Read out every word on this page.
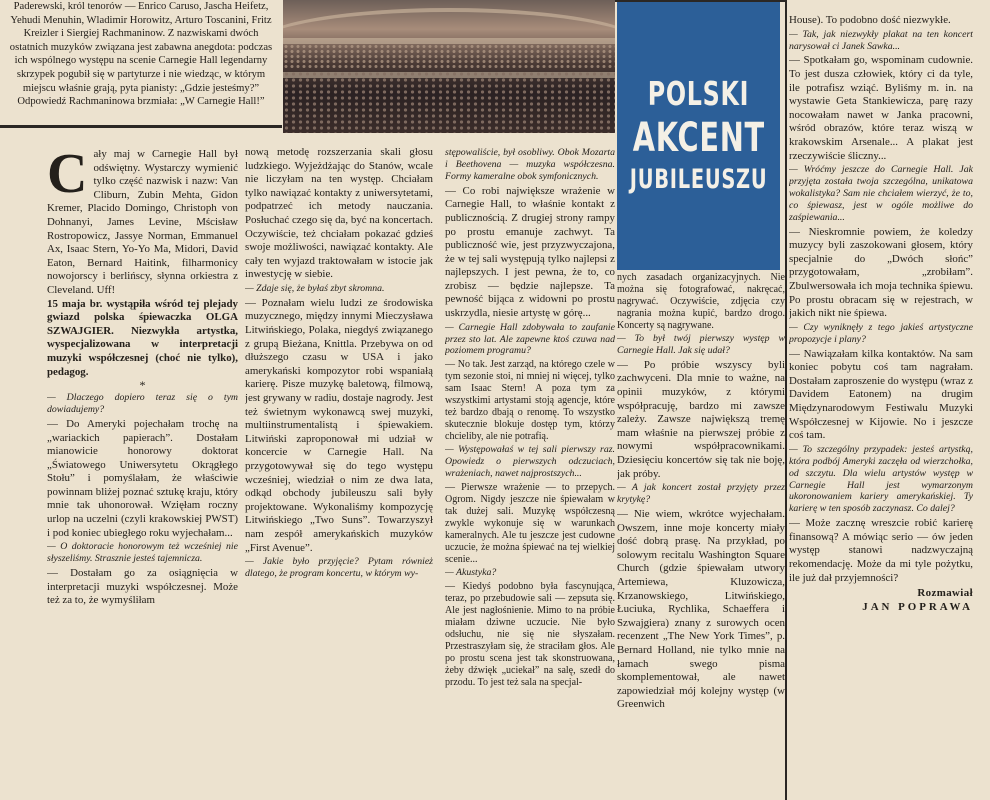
Paderewski, król tenorów — Enrico Caruso, Jascha Heifetz, Yehudi Menuhin, Wladimir Horowitz, Arturo Toscanini, Fritz Kreizler i Siergiej Rachmaninow. Z nazwiskami dwóch ostatnich muzyków związana jest zabawna anegdota: podczas ich wspólnego występu na scenie Carnegie Hall legendarny skrzypek pogubił się w partyturze i nie wiedząc, w którym miejscu właśnie grają, pyta pianisty: „Gdzie jesteśmy?” Odpowiedź Rachmaninowa brzmiała: „W Carnegie Hall!”	POLSKI
AKCENT
JUBILEUSZU
C ały maj w Carnegie Hall był odświętny. Wystarczy wymienić tylko część nazwisk i nazw: Van Cliburn, Zubin Mehta, Gidon Kremer, Placido Domingo, Christoph von Dohnanyi, James Levine, Mścisław Rostropowicz, Jassye Norman, Emmanuel Ax, Isaac Stern, Yo-Yo Ma, Midori, David Eaton, Bernard Haitink, filharmonicy nowojorscy i berlińscy, słynna orkiestra z Cleveland. Uff!

15 maja br. wystąpiła wśród tej plejady gwiazd polska śpiewaczka OLGA SZWAJGIER. Niezwykła artystka, wyspecjalizowana w interpretacji muzyki współczesnej (choć nie tylko), pedagog.

*

— Dlaczego dopiero teraz się o tym dowiadujemy?

— Do Ameryki pojechałam trochę na „wariackich papierach”. Dostałam mianowicie honorowy doktorat „Światowego Uniwersytetu Okrągłego Stołu” i pomyślałam, że właściwie powinnam bliżej poznać sztukę kraju, który mnie tak uhonorował. Wzięłam roczny urlop na uczelni (czyli krakowskiej PWST) i pod koniec ubiegłego roku wyjechałam...

— O doktoracie honorowym też wcześniej nie słyszeliśmy. Strasznie jesteś tajemnicza.

— Dostałam go za osiągnięcia w interpretacji muzyki współczesnej. Może też za to, że wymyśliłam

nową metodę rozszerzania skali głosu ludzkiego. Wyjeżdżając do Stanów, wcale nie liczyłam na ten występ. Chciałam tylko nawiązać kontakty z uniwersytetami, podpatrzeć ich metody nauczania. Posłuchać czego się da, być na koncertach. Oczywiście, też chciałam pokazać gdzieś swoje możliwości, nawiązać kontakty. Ale cały ten wyjazd traktowałam w istocie jak inwestycję w siebie.

— Zdaje się, że byłaś zbyt skromna.

— Poznałam wielu ludzi ze środowiska muzycznego, między innymi Mieczysława Litwińskiego, Polaka, niegdyś związanego z grupą Bieżana, Knittla. Przebywa on od dłuższego czasu w USA i jako amerykański kompozytor robi wspaniałą karierę. Pisze muzykę baletową, filmową, jest grywany w radiu, dostaje nagrody. Jest też świetnym wykonawcą swej muzyki, multiinstrumentalistą i śpiewakiem. Litwiński zaproponował mi udział w koncercie w Carnegie Hall. Na przygotowywał się do tego występu wcześniej, wiedział o nim ze dwa lata, odkąd obchody jubileuszu sali były projektowane. Wykonaliśmy kompozycję Litwińskiego „Two Suns”. Towarzyszył nam zespół amerykańskich muzyków „First Avenue”.

— Jakie było przyjęcie? Pytam również dlatego, że program koncertu, w którym wy-

stępowaliście, był osobliwy. Obok Mozarta i Beethovena — muzyka współczesna. Formy kameralne obok symfonicznych.

— Co robi największe wrażenie w Carnegie Hall, to właśnie kontakt z publicznością. Z drugiej strony rampy po prostu emanuje zachwyt. Ta publiczność wie, jest przyzwyczajona, że w tej sali występują tylko najlepsi z najlepszych. I jest pewna, że to, co zrobisz — będzie najlepsze. Ta pewność bijąca z widowni po prostu uskrzydla, niesie artystę w górę...

— Carnegie Hall zdobywała to zaufanie przez sto lat. Ale zapewne ktoś czuwa nad poziomem programu?

— No tak. Jest zarząd, na którego czele w tym sezonie stoi, ni mniej ni więcej, tylko sam Isaac Stern! A poza tym za wszystkimi artystami stoją agencje, które też bardzo dbają o renomę. To wszystko skutecznie blokuje dostęp tym, którzy chcieliby, ale nie potrafią.

— Występowałaś w tej sali pierwszy raz. Opowiedz o pierwszych odczuciach, wrażeniach, nawet najprostszych...

— Pierwsze wrażenie — to przepych. Ogrom. Nigdy jeszcze nie śpiewałam w tak dużej sali. Muzykę współczesną zwykle wykonuje się w warunkach kameralnych. Ale tu jeszcze jest cudowne uczucie, że można śpiewać na tej wielkiej scenie...

— Akustyka?

— Kiedyś podobno była fascynująca, teraz, po przebudowie sali — zepsuta się. Ale jest nagłośnienie. Mimo to na próbie miałam dziwne uczucie. Nie było odsłuchu, nie się nie słyszałam. Przestraszyłam się, że straciłam głos. Ale po prostu scena jest tak skonstruowana, żeby dźwięk „uciekał” na salę, szedł do przodu. To jest też sala na specjal-

nych zasadach organizacyjnych. Nie można się fotografować, nakręcać, nagrywać. Oczywiście, zdjęcia czy nagrania można kupić, bardzo drogo. Koncerty są nagrywane.

— To był twój pierwszy występ w Carnegie Hall. Jak się udał?

— Po próbie wszyscy byli zachwyceni. Dla mnie to ważne, na opinii muzyków, z którymi współpracuję, bardzo mi zawsze zależy. Zawsze największą tremę mam właśnie na pierwszej próbie z nowymi współpracownikami. Dziesięciu koncertów się tak nie boję, jak próby.

— A jak koncert został przyjęty przez krytykę?

— Nie wiem, wkrótce wyjechałam. Owszem, inne moje koncerty miały dość dobrą prasę. Na przykład, po solowym recitalu Washington Square Church (gdzie śpiewałam utwory Artemiewa, Kluzowicza, Krzanowskiego, Litwińskiego, Łuciuka, Rychlika, Schaeffera i Szwajgiera) znany z surowych ocen recenzent „The New York Times”, p. Bernard Holland, nie tylko mnie na łamach swego pisma skomplementował, ale nawet zapowiedział mój kolejny występ (w Greenwich

House). To podobno dość niezwykłe.

— Tak, jak niezwykły plakat na ten koncert narysował ci Janek Sawka...

— Spotkałam go, wspominam cudownie. To jest dusza człowiek, który ci da tyle, ile potrafisz wziąć. Byliśmy m. in. na wystawie Geta Stankiewicza, parę razy nocowałam nawet w Janka pracowni, wśród obrazów, które teraz wiszą w krakowskim Arsenale... A plakat jest rzeczywiście śliczny...

— Wróćmy jeszcze do Carnegie Hall. Jak przyjęta została twoja szczególna, unikatowa wokalistyka? Sam nie chciałem wierzyć, że to, co śpiewasz, jest w ogóle możliwe do zaśpiewania...

— Nieskromnie powiem, że koledzy muzycy byli zaszokowani głosem, który specjalnie do „Dwóch słońc” przygotowałam, „zrobiłam”. Zbulwersowała ich moja technika śpiewu. Po prostu obracam się w rejestrach, w jakich nikt nie śpiewa.

— Czy wyniknęły z tego jakieś artystyczne propozycje i plany?

— Nawiązałam kilka kontaktów. Na sam koniec pobytu coś tam nagrałam. Dostałam zaproszenie do występu (wraz z Davidem Eatonem) na drugim Międzynarodowym Festiwalu Muzyki Współczesnej w Kijowie. No i jeszcze coś tam.

— To szczególny przypadek: jesteś artystką, która podbój Ameryki zaczęła od wierzchołka, od szczytu. Dla wielu artystów występ w Carnegie Hall jest wymarzonym ukoronowaniem kariery amerykańskiej. Ty karierę w ten sposób zaczynasz. Co dalej?

— Może zacznę wreszcie robić karierę finansową? A mówiąc serio — ów jeden występ stanowi nadzwyczajną rekomendację. Może da mi tyle pożytku, ile już dał przyjemności?

Rozmawiał
JAN POPRAWA
